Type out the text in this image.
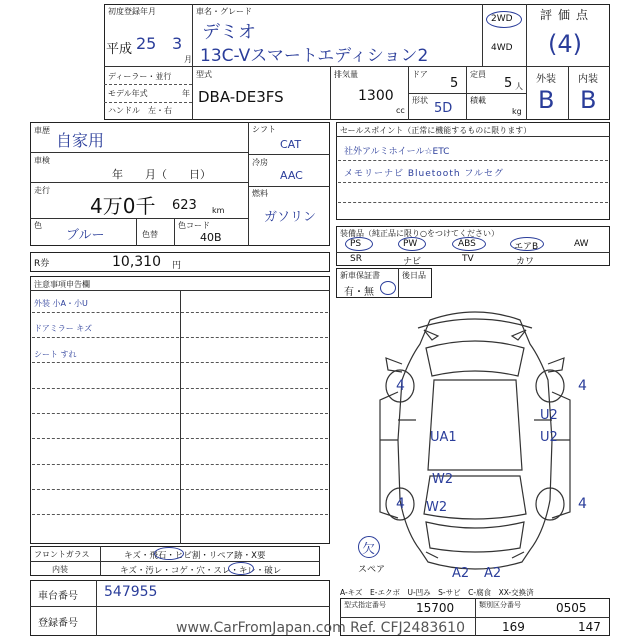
初度登録年月
平成 25 3
月
車名・グレード
デミオ
13C-Vスマートエディション2
2WD
4WD
評価点
(4)
ディーラー・並行
モデル年式	年
ハンドル　左・右
型式
DBA-DE3FS
排気量
1300
cc
ドア
5
定員
5 人
形状
5D
積載
kg
外装 内装
B B
車歴
自家用
車検
年　　月（　　日）
走行
4万0千 623 km
色
ブルー	色替
色コード
40B
シフト
CAT
冷房
AAC
燃料
ガソリン
R券	10,310 円
セールスポイント（正常に機能するものに限ります）
社外アルミホイール☆ETC
メモリーナビ Bluetooth フルセグ
装備品（純正品に限り○をつけてください）
PS	PW	ABS	エアB	AW
SR	ナビ	TV	カワ
新車保証書	後日品
有・無
注意事項申告欄
外装 小A・小U
ドアミラー キズ
シート すれ
フロントガラス	キズ・飛石・ヒビ割・リペア跡・X要
内装	キズ・汚レ・コゲ・穴・スレ・キレ・破レ
車台番号 547955
登録番号
4	4
4	4
U2
U2
UA1
W2
W2
A2 A2
欠
スペア
A-キズ　E-エクボ　U-凹み　S-サビ　C-腐食　XX-交換済
型式指定番号	15700	類別区分番号	0505
169	147
www.CarFromJapan.com Ref. CFJ2483610
